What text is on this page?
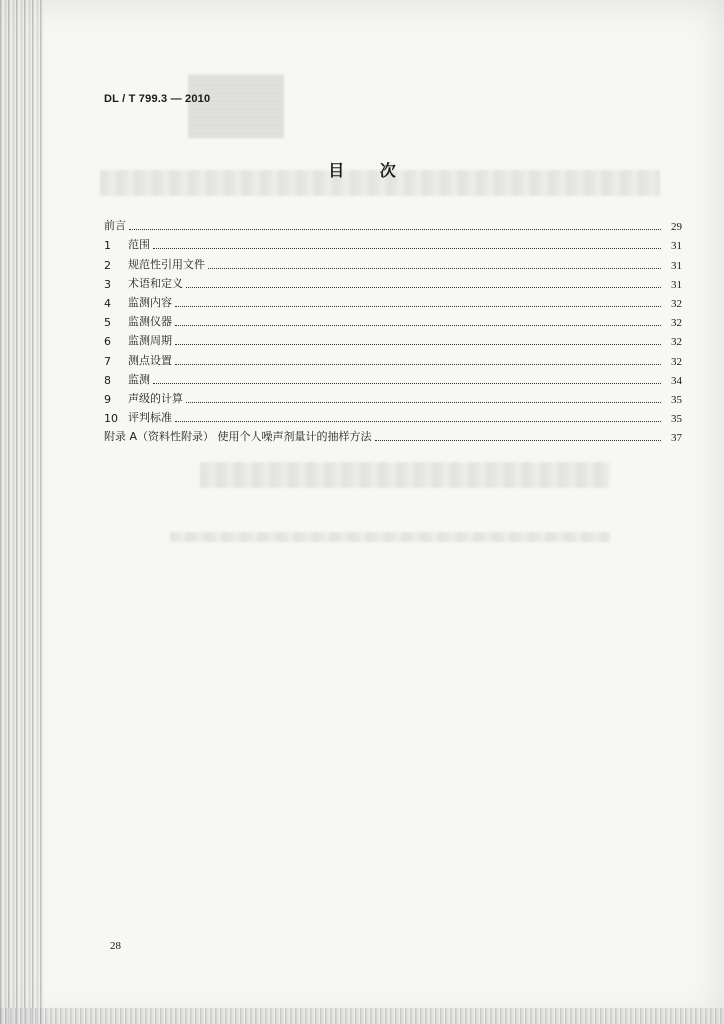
DL / T 799.3 — 2010
目 次
前言	29
1	范围	31
2	规范性引用文件	31
3	术语和定义	31
4	监测内容	32
5	监测仪器	32
6	监测周期	32
7	测点设置	32
8	监测	34
9	声级的计算	35
10 评判标准	35
附录 A（资料性附录） 使用个人噪声剂量计的抽样方法	37
28
